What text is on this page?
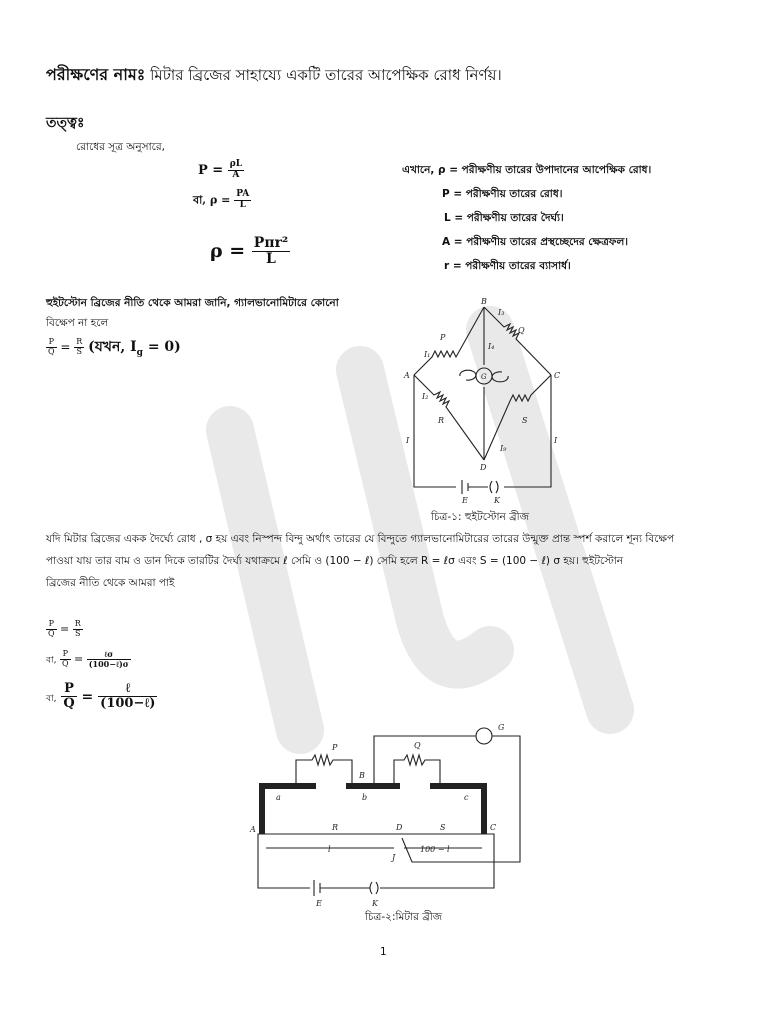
পরীক্ষণের নামঃ মিটার ব্রিজের সাহায্যে একটি তারের আপেক্ষিক রোধ নির্ণয়।
তত্ত্বঃ
রোধের সূত্র অনুসারে,
$P = \frac{\rho L}{A}$
বা, $\rho = \frac{PA}{L}$
$\rho = \frac{\text{Pπr²}}{L}$
এখানে, ρ = পরীক্ষণীয় তারের উপাদানের আপেক্ষিক রোধ।
P = পরীক্ষণীয় তারের রোধ।
L = পরীক্ষণীয় তারের দৈর্ঘ্য।
A = পরীক্ষণীয় তারের প্রস্থচ্ছেদের ক্ষেত্রফল।
r = পরীক্ষণীয় তারের ব্যাসার্ধ।
হুইটস্টোন ব্রিজের নীতি থেকে আমরা জানি, গ্যালভানোমিটারে কোনো
বিক্ষেপ না হলে
$\frac{P}{Q} = \frac{R}{S}$ (যখন, $I_g = 0$)
A
B
C
D
P
Q
R	S
G
I₁
I₂
I₃
I₄
I₉
I	I
E	K
চিত্র-১: হুইটস্টোন ব্রীজ
যদি মিটার ব্রিজের একক দৈর্ঘ্যে রোধ , σ হয় এবং নিস্পন্দ বিন্দু অর্থাৎ তারের যে বিন্দুতে গ্যালভানোমিটারের তারের উন্মুক্ত প্রান্ত স্পর্শ করালে শূন্য বিক্ষেপ
পাওয়া যায় তার বাম ও ডান দিকে তারটির দৈর্ঘ্য যথাক্রমে ℓ সেমি ও (100 − ℓ) সেমি হলে R = ℓσ এবং S = (100 − ℓ) σ হয়। হুইটস্টোন
ব্রিজের নীতি থেকে আমরা পাই
$\frac{P}{Q} = \frac{R}{S}$
বা, $\frac{P}{Q} = \frac{\text{ℓσ}}{\text{(100−ℓ)σ}}$
বা, $\frac{P}{Q} = \frac{\text{ℓ}}{\text{(100−ℓ)}}$
P	Q
G
B
a	b	c
A	R	D	S	C
l	100 − l
J
E	K
চিত্র-২:মিটার ব্রীজ
1
